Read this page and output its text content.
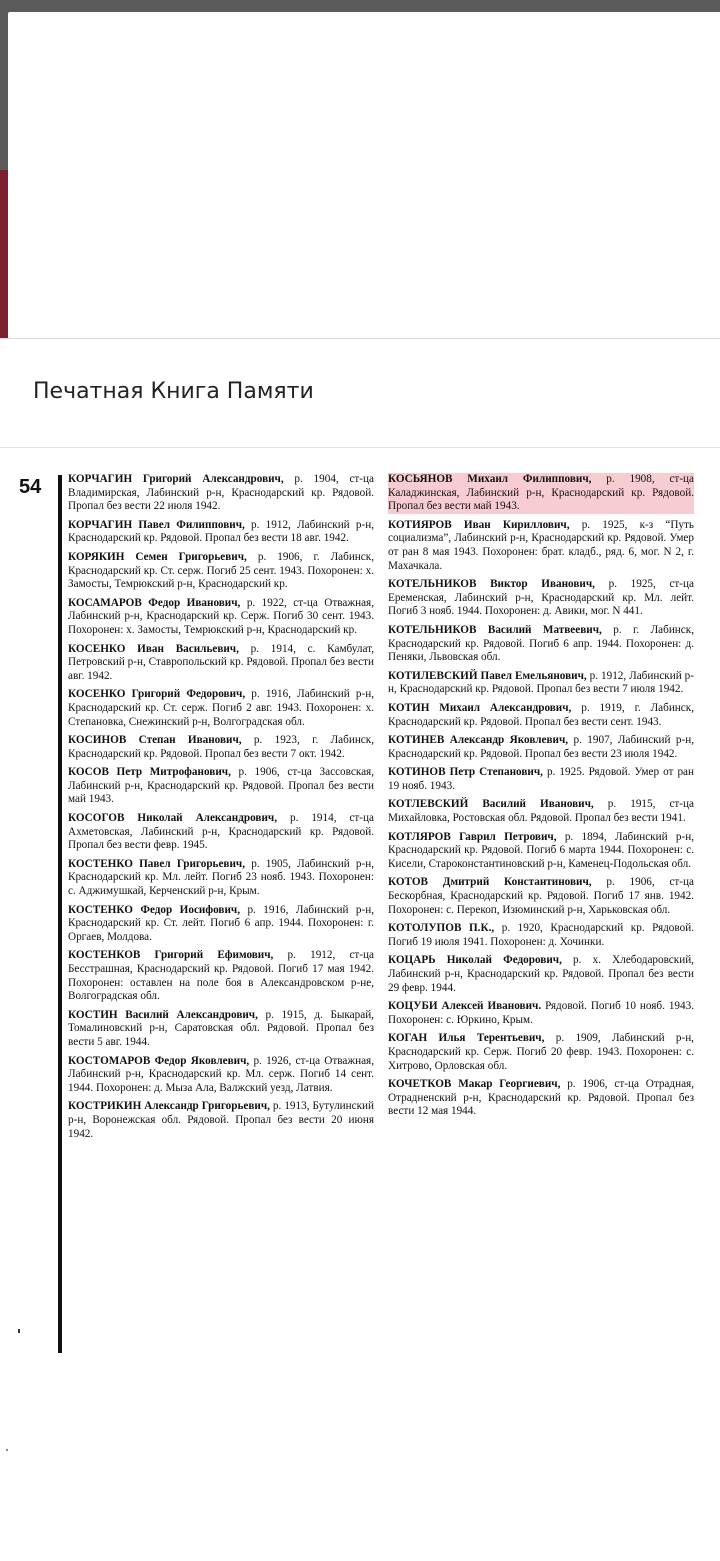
Печатная Книга Памяти
54 КОРЧАГИН Григорий Александрович, р. 1904, ст-ца Владимирская, Лабинский р-н, Краснодарский кр. Рядовой. Пропал без вести 22 июля 1942.

КОРЧАГИН Павел Филиппович, р. 1912, Лабинский р-н, Краснодарский кр. Рядовой. Пропал без вести 18 авг. 1942.

КОРЯКИН Семен Григорьевич, р. 1906, г. Лабинск, Краснодарский кр. Ст. серж. Погиб 25 сент. 1943. Похоронен: х. Замосты, Темрюкский р-н, Краснодарский кр.

КОСАМАРОВ Федор Иванович, р. 1922, ст-ца Отважная, Лабинский р-н, Краснодарский кр. Серж. Погиб 30 сент. 1943. Похоронен: х. Замосты, Темрюкский р-н, Краснодарский кр.

КОСЕНКО Иван Васильевич, р. 1914, с. Камбулат, Петровский р-н, Ставропольский кр. Рядовой. Пропал без вести авг. 1942.

КОСЕНКО Григорий Федорович, р. 1916, Лабинский р-н, Краснодарский кр. Ст. серж. Погиб 2 авг. 1943. Похоронен: х. Степановка, Снежинский р-н, Волгоградская обл.

КОСИНОВ Степан Иванович, р. 1923, г. Лабинск, Краснодарский кр. Рядовой. Пропал без вести 7 окт. 1942.

КОСОВ Петр Митрофанович, р. 1906, ст-ца Зассовская, Лабинский р-н, Краснодарский кр. Рядовой. Пропал без вести май 1943.

КОСОГОВ Николай Александрович, р. 1914, ст-ца Ахметовская, Лабинский р-н, Краснодарский кр. Рядовой. Пропал без вести февр. 1945.

КОСТЕНКО Павел Григорьевич, р. 1905, Лабинский р-н, Краснодарский кр. Мл. лейт. Погиб 23 нояб. 1943. Похоронен: с. Аджимушкай, Керченский р-н, Крым.

КОСТЕНКО Федор Иосифович, р. 1916, Лабинский р-н, Краснодарский кр. Ст. лейт. Погиб 6 апр. 1944. Похоронен: г. Оргаев, Молдова.

КОСТЕНКОВ Григорий Ефимович, р. 1912, ст-ца Бесстрашная, Краснодарский кр. Рядовой. Погиб 17 мая 1942. Похоронен: оставлен на поле боя в Александровском р-не, Волгоградская обл.

КОСТИН Василий Александрович, р. 1915, д. Быкарай, Томалиновский р-н, Саратовская обл. Рядовой. Пропал без вести 5 авг. 1944.

КОСТОМАРОВ Федор Яковлевич, р. 1926, ст-ца Отважная, Лабинский р-н, Краснодарский кр. Мл. серж. Погиб 14 сент. 1944. Похоронен: д. Мыза Ала, Валжский уезд, Латвия.

КОСТРИКИН Александр Григорьевич, р. 1913, Бутулинский р-н, Воронежская обл. Рядовой. Пропал без вести 20 июня 1942.

КОСЬЯНОВ Михаил Филиппович, р. 1908, ст-ца Каладжинская, Лабинский р-н, Краснодарский кр. Рядовой. Пропал без вести май 1943.

КОТИЯРОВ Иван Кириллович, р. 1925, к-з “Путь социализма”, Лабинский р-н, Краснодарский кр. Рядовой. Умер от ран 8 мая 1943. Похоронен: брат. кладб., ряд. 6, мог. N 2, г. Махачкала.

КОТЕЛЬНИКОВ Виктор Иванович, р. 1925, ст-ца Еременская, Лабинский р-н, Краснодарский кр. Мл. лейт. Погиб 3 нояб. 1944. Похоронен: д. Авики, мог. N 441.

КОТЕЛЬНИКОВ Василий Матвеевич, р. г. Лабинск, Краснодарский кр. Рядовой. Погиб 6 апр. 1944. Похоронен: д. Пеняки, Львовская обл.

КОТИЛЕВСКИЙ Павел Емельянович, р. 1912, Лабинский р-н, Краснодарский кр. Рядовой. Пропал без вести 7 июля 1942.

КОТИН Михаил Александрович, р. 1919, г. Лабинск, Краснодарский кр. Рядовой. Пропал без вести сент. 1943.

КОТИНЕВ Александр Яковлевич, р. 1907, Лабинский р-н, Краснодарский кр. Рядовой. Пропал без вести 23 июля 1942.

КОТИНОВ Петр Степанович, р. 1925. Рядовой. Умер от ран 19 нояб. 1943.

КОТЛЕВСКИЙ Василий Иванович, р. 1915, ст-ца Михайловка, Ростовская обл. Рядовой. Пропал без вести 1941.

КОТЛЯРОВ Гаврил Петрович, р. 1894, Лабинский р-н, Краснодарский кр. Рядовой. Погиб 6 марта 1944. Похоронен: с. Кисели, Староконстантиновский р-н, Каменец-Подольская обл.

КОТОВ Дмитрий Константинович, р. 1906, ст-ца Бескорбная, Краснодарский кр. Рядовой. Погиб 17 янв. 1942. Похоронен: с. Перекоп, Изюминский р-н, Харьковская обл.

КОТОЛУПОВ П.К., р. 1920, Краснодарский кр. Рядовой. Погиб 19 июля 1941. Похоронен: д. Хочинки.

КОЦАРЬ Николай Федорович, р. х. Хлебодаровский, Лабинский р-н, Краснодарский кр. Рядовой. Пропал без вести 29 февр. 1944.

КОЦУБИ Алексей Иванович. Рядовой. Погиб 10 нояб. 1943. Похоронен: с. Юркино, Крым.

КОГАН Илья Терентьевич, р. 1909, Лабинский р-н, Краснодарский кр. Серж. Погиб 20 февр. 1943. Похоронен: с. Хитрово, Орловская обл.

КОЧЕТКОВ Макар Георгиевич, р. 1906, ст-ца Отрадная, Отрадненский р-н, Краснодарский кр. Рядовой. Пропал без вести 12 мая 1944.
